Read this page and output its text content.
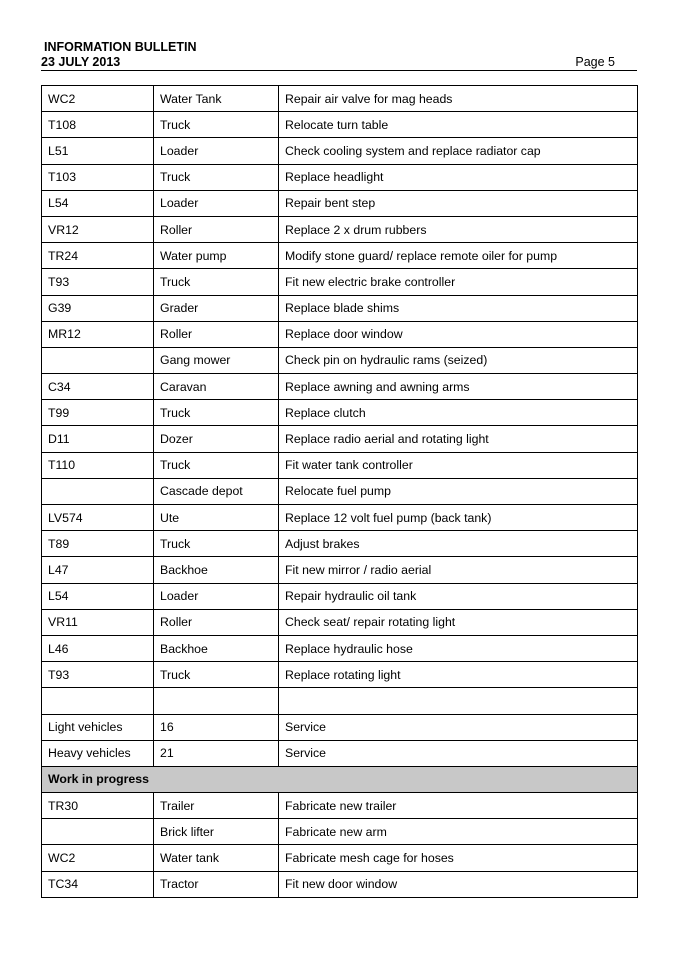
INFORMATION BULLETIN
23 JULY 2013	Page 5
WC2	Water Tank	Repair air valve for mag heads
T108	Truck	Relocate turn table
L51	Loader	Check cooling system and replace radiator cap
T103	Truck	Replace headlight
L54	Loader	Repair bent step
VR12	Roller	Replace 2 x drum rubbers
TR24	Water pump	Modify stone guard/ replace remote oiler for pump
T93	Truck	Fit new electric brake controller
G39	Grader	Replace blade shims
MR12	Roller	Replace door window
	Gang mower	Check pin on hydraulic rams (seized)
C34	Caravan	Replace awning and awning arms
T99	Truck	Replace clutch
D11	Dozer	Replace radio aerial and rotating light
T110	Truck	Fit water tank controller
	Cascade depot	Relocate fuel pump
LV574	Ute	Replace 12 volt fuel pump (back tank)
T89	Truck	Adjust brakes
L47	Backhoe	Fit new mirror / radio aerial
L54	Loader	Repair hydraulic oil tank
VR11	Roller	Check seat/ repair rotating light
L46	Backhoe	Replace hydraulic hose
T93	Truck	Replace rotating light

Light vehicles	16	Service
Heavy vehicles	21	Service
Work in progress		
TR30	Trailer	Fabricate new trailer
	Brick lifter	Fabricate new arm
WC2	Water tank	Fabricate mesh cage for hoses
TC34	Tractor	Fit new door window
